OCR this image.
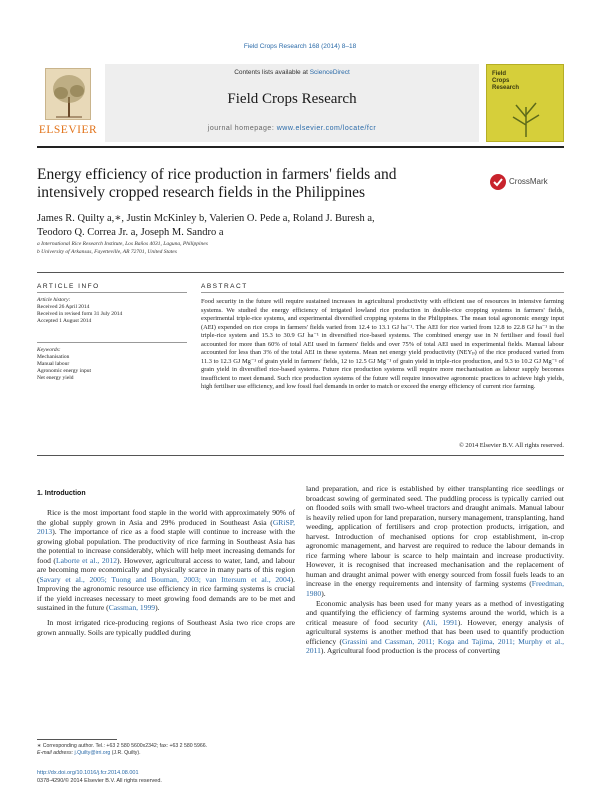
Field Crops Research 168 (2014) 8–18
ELSEVIER
Contents lists available at ScienceDirect
Field Crops Research
journal homepage: www.elsevier.com/locate/fcr
Field
Crops
Research
Energy efficiency of rice production in farmers' fields and intensively cropped research fields in the Philippines
CrossMark
James R. Quilty a,∗, Justin McKinley b, Valerien O. Pede a, Roland J. Buresh a,
Teodoro Q. Correa Jr. a, Joseph M. Sandro a
a International Rice Research Institute, Los Baños 4031, Laguna, Philippines
b University of Arkansas, Fayetteville, AR 72701, United States
ARTICLE INFO	ABSTRACT
Article history:
Received 26 April 2014
Received in revised form 31 July 2014
Accepted 1 August 2014
Keywords:
Mechanisation
Manual labour
Agronomic energy input
Net energy yield
Food security in the future will require sustained increases in agricultural productivity with efficient use of resources in intensive farming systems. We studied the energy efficiency of irrigated lowland rice production in double-rice cropping systems in farmers' fields, experimental triple-rice systems, and experimental diversified cropping systems in the Philippines. The mean total agronomic energy input (AEI) expended on rice crops in farmers' fields varied from 12.4 to 13.1 GJ ha⁻¹. The AEI for rice varied from 12.8 to 22.8 GJ ha⁻¹ in the triple-rice system and 15.3 to 30.9 GJ ha⁻¹ in diversified rice-based systems. The combined energy use in N fertiliser and fossil fuel accounted for more than 60% of total AEI used in farmers' fields and over 75% of total AEI used in experimental fields. Manual labour accounted for less than 3% of the total AEI in these systems. Mean net energy yield productivity (NEYₚ) of the rice produced varied from 11.3 to 12.3 GJ Mg⁻¹ of grain yield in farmers' fields, 12 to 12.5 GJ Mg⁻¹ of grain yield in triple-rice production, and 9.3 to 10.2 GJ Mg⁻¹ of grain yield in diversified rice-based systems. Future rice production systems will require more mechanisation as labour supply becomes insufficient to meet demand. Such rice production systems of the future will require innovative agronomic practices to achieve high yields, high fertiliser use efficiency, and low fossil fuel demands in order to match or exceed the energy efficiency of current rice farming.
© 2014 Elsevier B.V. All rights reserved.
1. Introduction

Rice is the most important food staple in the world with approximately 90% of the global supply grown in Asia and 29% produced in Southeast Asia (GRiSP, 2013). The importance of rice as a food staple will continue to increase with the growing global population. The productivity of rice farming in Southeast Asia has the potential to increase considerably, which will help meet increasing demands for food (Laborte et al., 2012). However, agricultural access to water, land, and labour are becoming more economically and physically scarce in many parts of this region (Savary et al., 2005; Tuong and Bouman, 2003; van Ittersum et al., 2004). Improving the agronomic resource use efficiency in rice farming systems is crucial if the yield increases necessary to meet growing food demands are to be met and sustained in the future (Cassman, 1999).

In most irrigated rice-producing regions of Southeast Asia two rice crops are grown annually. Soils are typically puddled during

land preparation, and rice is established by either transplanting rice seedlings or broadcast sowing of germinated seed. The puddling process is typically carried out on flooded soils with small two-wheel tractors and draught animals. Manual labour is heavily relied upon for land preparation, nursery management, transplanting, hand weeding, application of fertilisers and crop protection products, irrigation, and harvest. Introduction of mechanised options for crop establishment, in-crop agronomic management, and harvest are required to reduce the labour demands in rice farming where labour is scarce to help maintain and increase productivity. However, it is recognised that increased mechanisation and the replacement of human and draught animal power with energy sourced from fossil fuels leads to an increase in the energy requirements and intensity of farming systems (Freedman, 1980).

Economic analysis has been used for many years as a method of investigating and quantifying the efficiency of farming systems around the world, which is a critical measure of food security (Ali, 1991). However, energy analysis of agricultural systems is another method that has been used to quantify production efficiency (Grassini and Cassman, 2011; Koga and Tajima, 2011; Murphy et al., 2011). Agricultural food production is the process of converting

∗ Corresponding author. Tel.: +63 2 580 5600x2342; fax: +63 2 580 5966.
E-mail address: j.Quilty@irri.org (J.R. Quilty).
http://dx.doi.org/10.1016/j.fcr.2014.08.001
0378-4290/© 2014 Elsevier B.V. All rights reserved.
